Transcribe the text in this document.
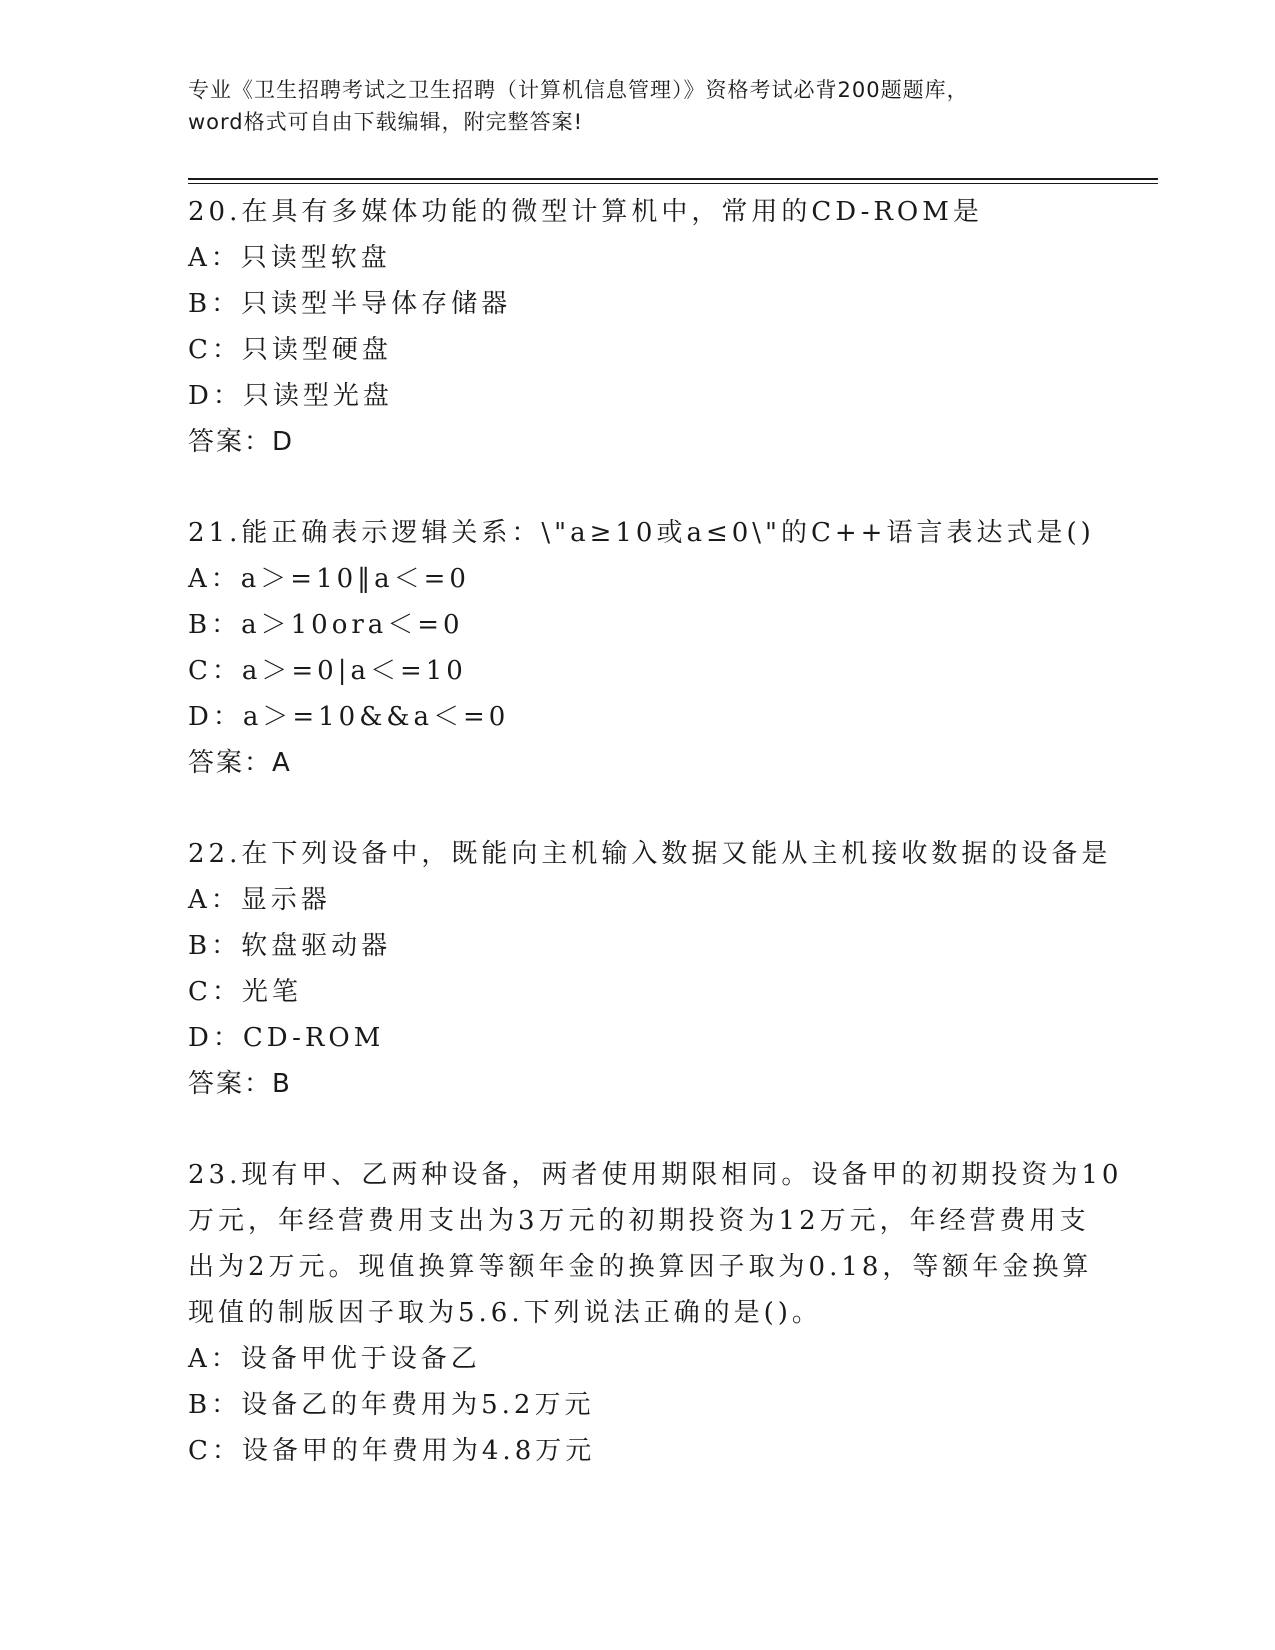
专业《卫生招聘考试之卫生招聘（计算机信息管理）》资格考试必背200题题库，
word格式可自由下载编辑，附完整答案!
20.在具有多媒体功能的微型计算机中，常用的CD-ROM是
A：只读型软盘
B：只读型半导体存储器
C：只读型硬盘
D：只读型光盘
答案：D
21.能正确表示逻辑关系：\"a≥10或a≤0\"的C++语言表达式是()
A：a＞=10‖a＜=0
B：a＞10ora＜=0
C：a＞=0|a＜=10
D：a＞=10&&a＜=0
答案：A
22.在下列设备中，既能向主机输入数据又能从主机接收数据的设备是
A：显示器
B：软盘驱动器
C：光笔
D：CD-ROM
答案：B
23.现有甲、乙两种设备，两者使用期限相同。设备甲的初期投资为10
万元，年经营费用支出为3万元的初期投资为12万元，年经营费用支
出为2万元。现值换算等额年金的换算因子取为0.18，等额年金换算
现值的制版因子取为5.6.下列说法正确的是()。
A：设备甲优于设备乙
B：设备乙的年费用为5.2万元
C：设备甲的年费用为4.8万元
